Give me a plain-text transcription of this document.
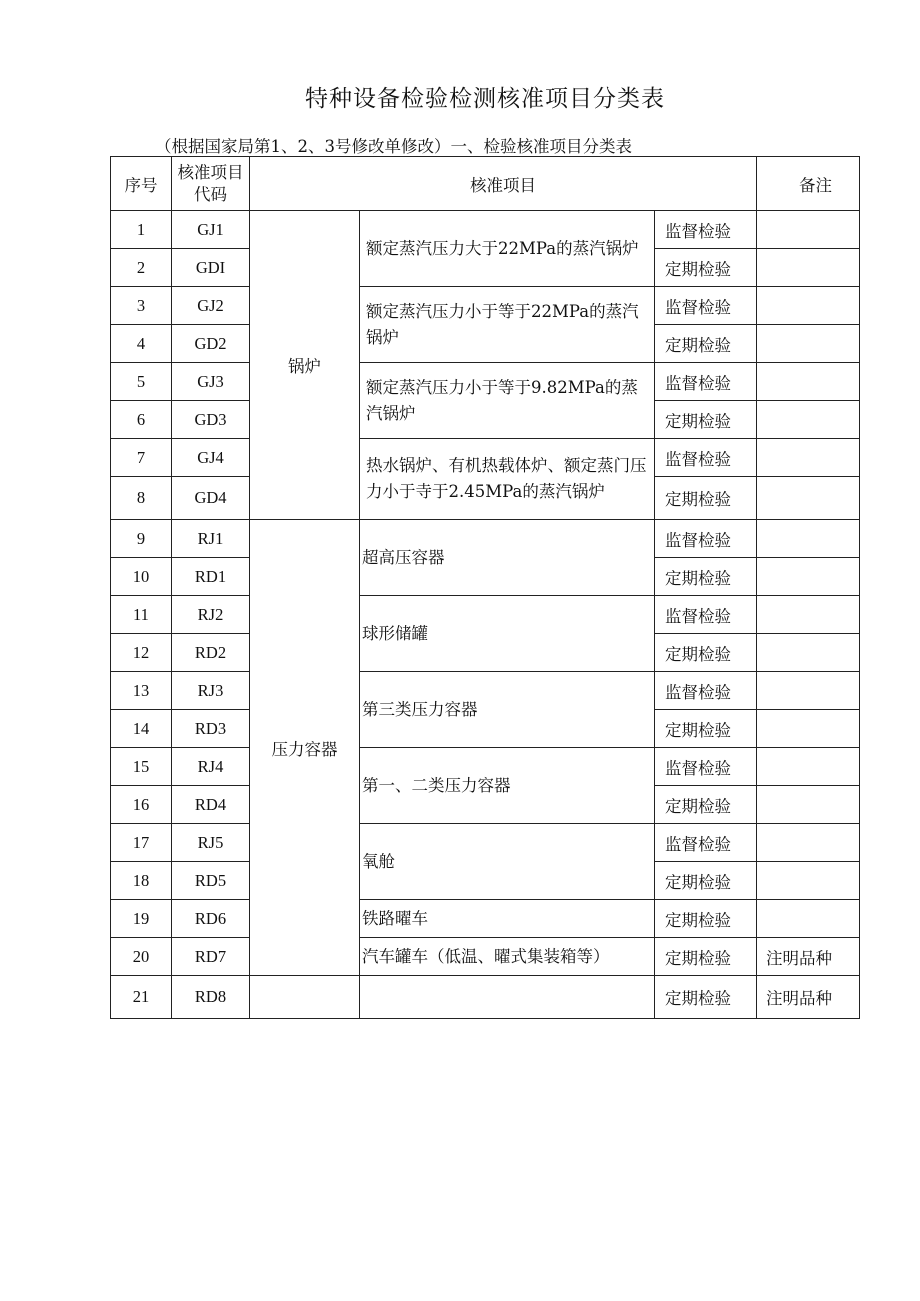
特种设备检验检测核准项目分类表
（根据国家局第1、2、3号修改单修改）一、检验核准项目分类表
序号	核准项目代码	核准项目			备注
1	GJ1	锅炉	额定蒸汽压力大于22MPa的蒸汽锅炉	监督检验	
2	GDI			定期检验	
3	GJ2		额定蒸汽压力小于等于22MPa的蒸汽锅炉	监督检验	
4	GD2			定期检验	
5	GJ3		额定蒸汽压力小于等于9.82MPa的蒸汽锅炉	监督检验	
6	GD3			定期检验	
7	GJ4		热水锅炉、有机热载体炉、额定蒸门压力小于寺于2.45MPa的蒸汽锅炉	监督检验	
8	GD4			定期检验	
9	RJ1	压力容器	超高压容器	监督检验	
10	RD1			定期检验	
11	RJ2		球形储罐	监督检验	
12	RD2			定期检验	
13	RJ3		第三类压力容器	监督检验	
14	RD3			定期检验	
15	RJ4		第一、二类压力容器	监督检验	
16	RD4			定期检验	
17	RJ5		氧舱	监督检验	
18	RD5			定期检验	
19	RD6		铁路曜车	定期检验	
20	RD7		汽车罐车（低温、曜式集装箱等）	定期检验	注明品种
21	RD8			定期检验	注明品种
